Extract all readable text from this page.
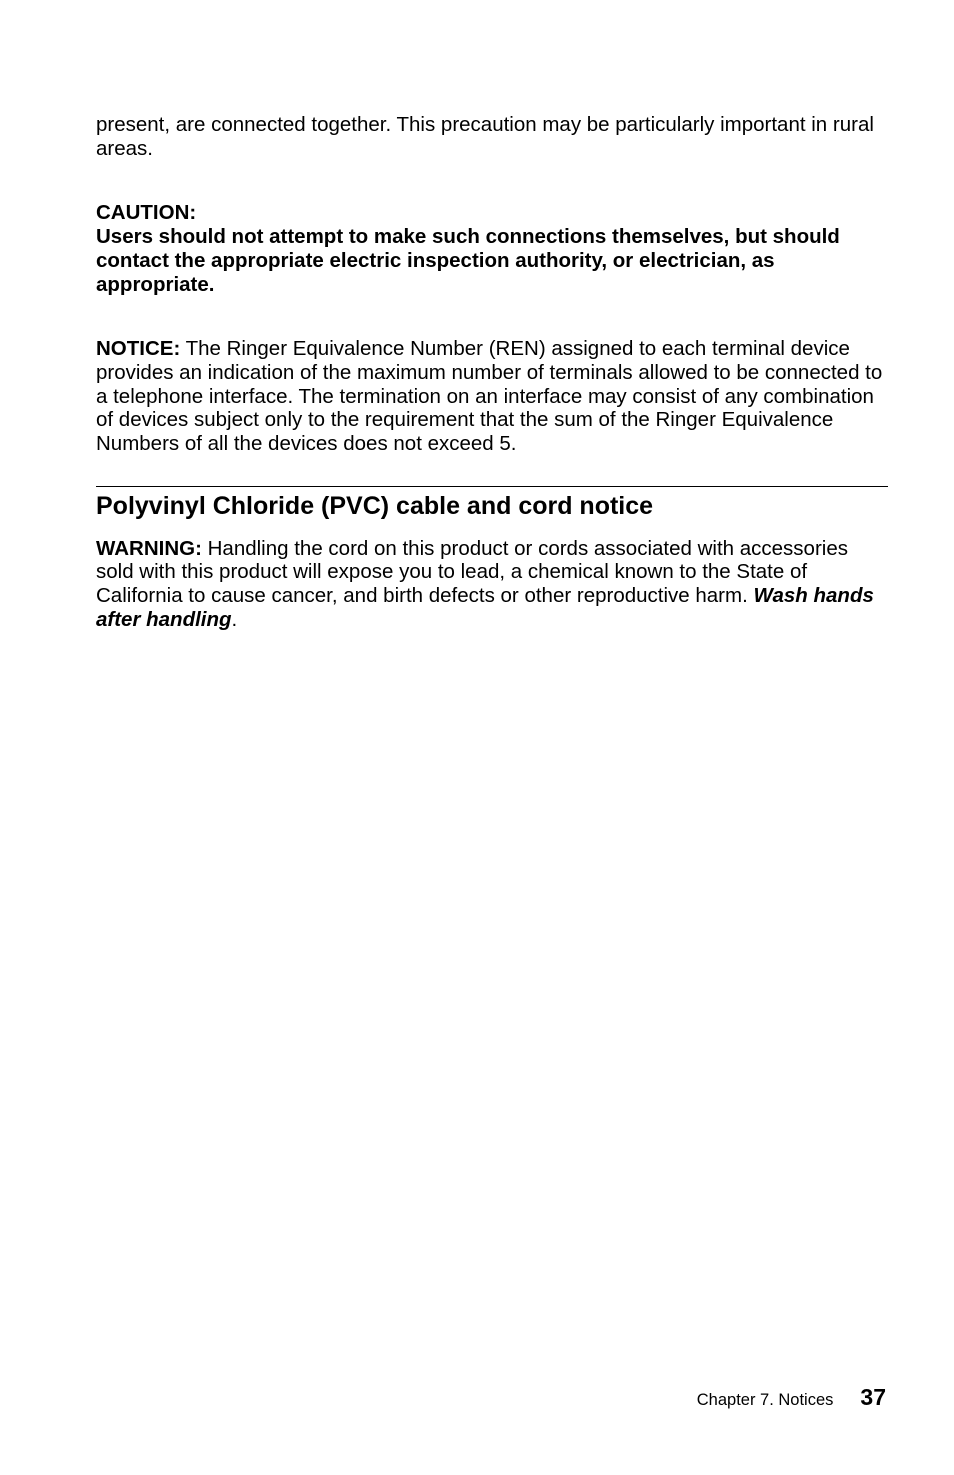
present, are connected together. This precaution may be particularly important in rural areas.

CAUTION:

Users should not attempt to make such connections themselves, but should contact the appropriate electric inspection authority, or electrician, as appropriate.

NOTICE: The Ringer Equivalence Number (REN) assigned to each terminal device provides an indication of the maximum number of terminals allowed to be connected to a telephone interface. The termination on an interface may consist of any combination of devices subject only to the requirement that the sum of the Ringer Equivalence Numbers of all the devices does not exceed 5.

Polyvinyl Chloride (PVC) cable and cord notice

WARNING: Handling the cord on this product or cords associated with accessories sold with this product will expose you to lead, a chemical known to the State of California to cause cancer, and birth defects or other reproductive harm. Wash hands after handling.

Chapter 7. Notices 37
